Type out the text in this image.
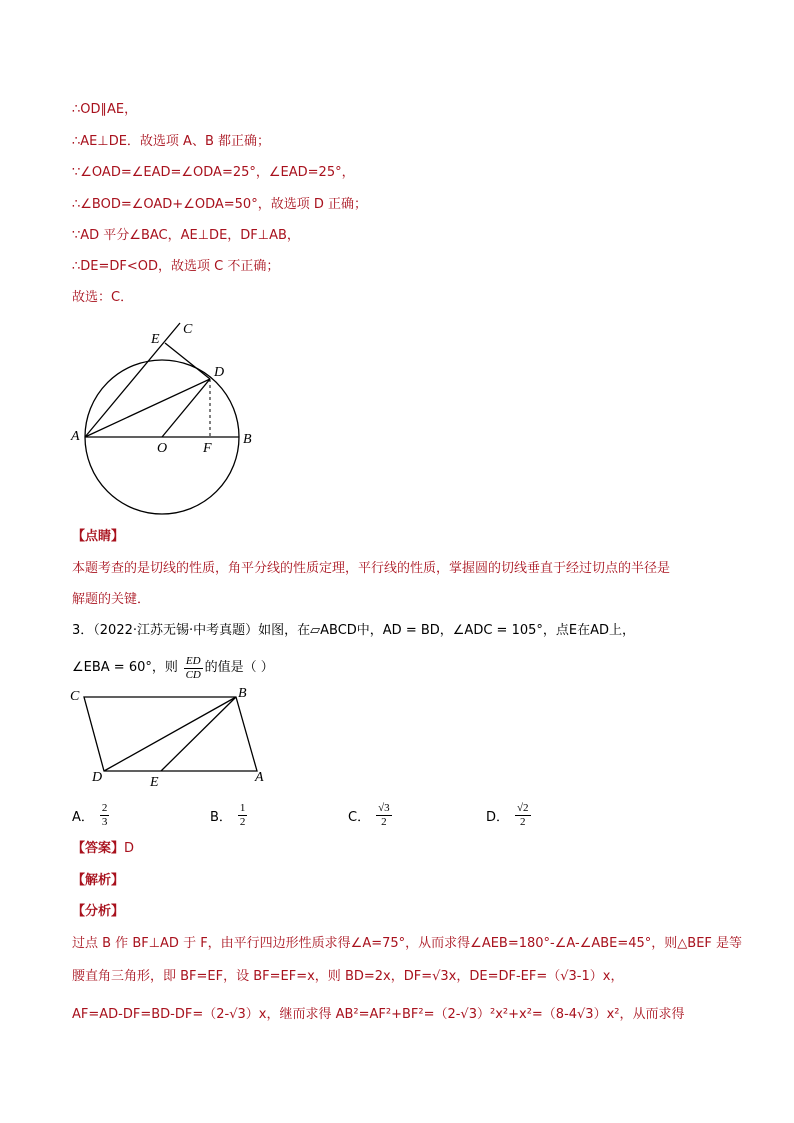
∴OD∥AE，
∴AE⊥DE．故选项 A、B 都正确；
∵∠OAD=∠EAD=∠ODA=25°，∠EAD=25°，
∴∠BOD=∠OAD+∠ODA=50°，故选项 D 正确；
∵AD 平分∠BAC，AE⊥DE，DF⊥AB，
∴DE=DF<OD，故选项 C 不正确；
故选：C．
C
E
D
A
O	F
B
【点睛】
本题考查的是切线的性质，角平分线的性质定理，平行线的性质，掌握圆的切线垂直于经过切点的半径是
解题的关键．
3．（2022·江苏无锡·中考真题）如图，在▱ABCD中，AD = BD，∠ADC = 105°，点E在AD上，
∠EBA = 60°，则 $\frac{ED}{CD}$ 的值是（ ）
C	B
D	E	A
A． $\frac{2}{3}$	B． $\frac{1}{2}$	C． $\frac{√3}{2}$	D． $\frac{√2}{2}$
【答案】D
【解析】
【分析】
过点 B 作 BF⊥AD 于 F，由平行四边形性质求得∠A=75°，从而求得∠AEB=180°-∠A-∠ABE=45°，则△BEF 是等
腰直角三角形，即 BF=EF，设 BF=EF=x，则 BD=2x，DF=√3x，DE=DF-EF=（√3-1）x，
AF=AD-DF=BD-DF=（2-√3）x，继而求得 AB²=AF²+BF²=（2-√3）²x²+x²=（8-4√3）x²，从而求得
